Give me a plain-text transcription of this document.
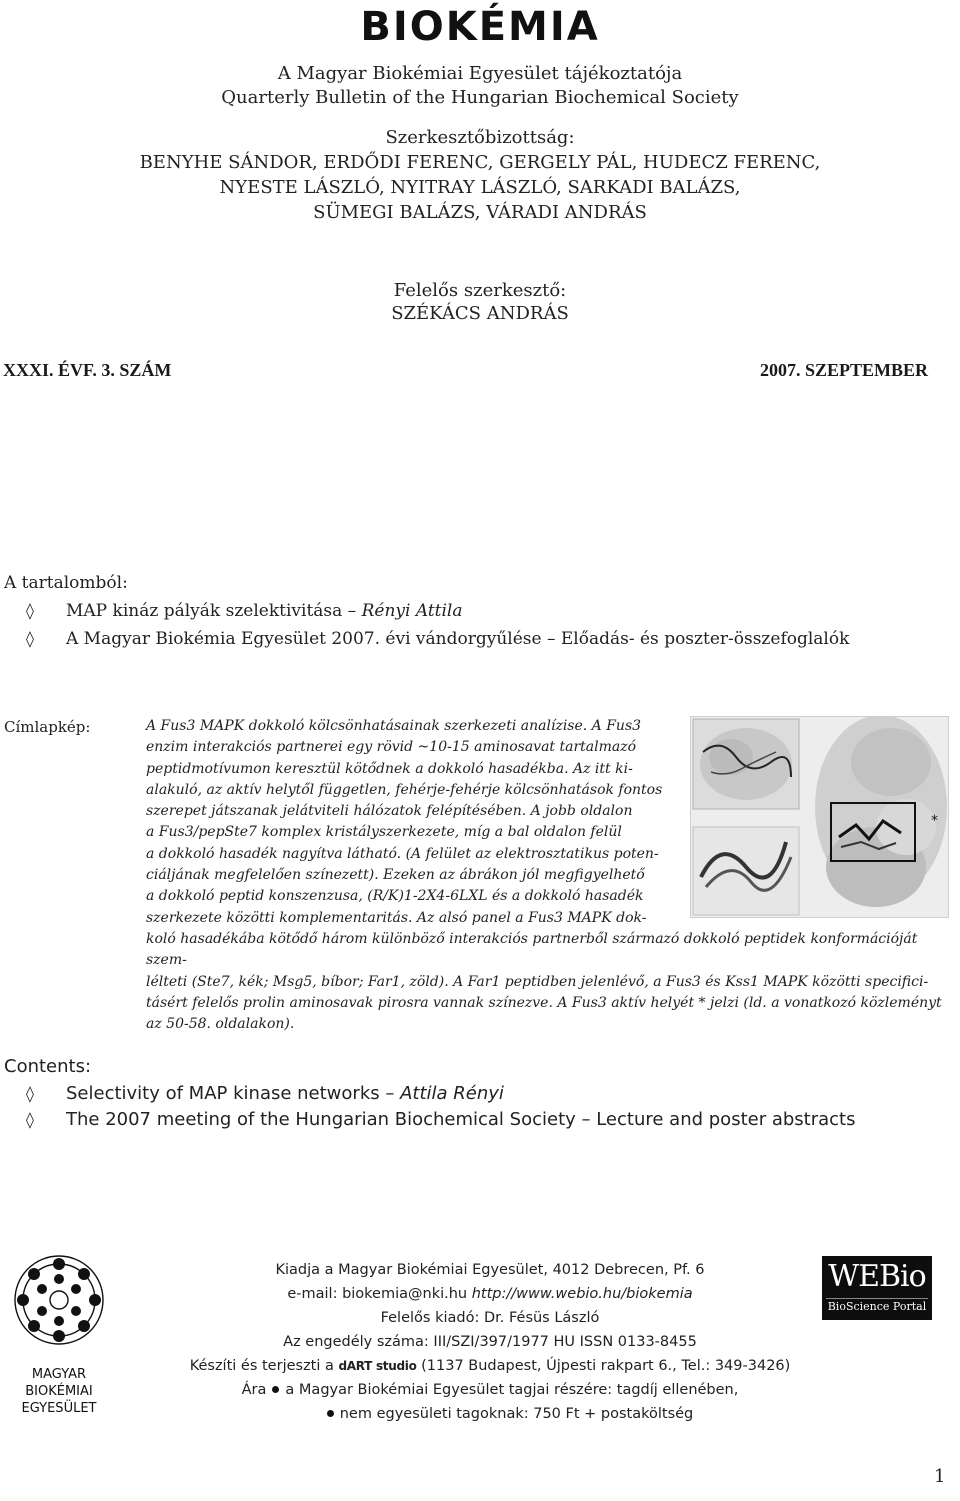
BIOKÉMIA
A Magyar Biokémiai Egyesület tájékoztatója
Quarterly Bulletin of the Hungarian Biochemical Society
Szerkesztőbizottság:
BENYHE SÁNDOR, ERDŐDI FERENC, GERGELY PÁL, HUDECZ FERENC,
NYESTE LÁSZLÓ, NYITRAY LÁSZLÓ, SARKADI BALÁZS,
SÜMEGI BALÁZS, VÁRADI ANDRÁS
Felelős szerkesztő:
SZÉKÁCS ANDRÁS
XXXI. ÉVF. 3. SZÁM	2007. SZEPTEMBER
A tartalomból:
◊ MAP kináz pályák szelektivitása – Rényi Attila
◊ A Magyar Biokémia Egyesület 2007. évi vándorgyűlése – Előadás- és poszter-összefoglalók
Címlapkép:	A Fus3 MAPK dokkoló kölcsönhatásainak szerkezeti analízise. A Fus3
enzim interakciós partnerei egy rövid ~10-15 aminosavat tartalmazó
peptidmotívumon keresztül kötődnek a dokkoló hasadékba. Az itt ki-
alakuló, az aktív helytől független, fehérje-fehérje kölcsönhatások fontos
szerepet játszanak jelátviteli hálózatok felépítésében. A jobb oldalon
a Fus3/pepSte7 komplex kristályszerkezete, míg a bal oldalon felül
a dokkoló hasadék nagyítva látható. (A felület az elektrosztatikus poten-
ciáljának megfelelően színezett). Ezeken az ábrákon jól megfigyelhető
a dokkoló peptid konszenzusa, (R/K)1-2X4-6LXL és a dokkoló hasadék
szerkezete közötti komplementaritás. Az alsó panel a Fus3 MAPK dok-
koló hasadékába kötődő három különböző interakciós partnerből származó dokkoló peptidek konformációját szem-
lélteti (Ste7, kék; Msg5, bíbor; Far1, zöld). A Far1 peptidben jelenlévő, a Fus3 és Kss1 MAPK közötti specifici-
tásért felelős prolin aminosavak pirosra vannak színezve. A Fus3 aktív helyét * jelzi (ld. a vonatkozó közleményt
az 50-58. oldalakon).
*
Contents:
◊ Selectivity of MAP kinase networks – Attila Rényi
◊ The 2007 meeting of the Hungarian Biochemical Society – Lecture and poster abstracts
MAGYAR
BIOKÉMIAI
EGYESÜLET
Kiadja a Magyar Biokémiai Egyesület, 4012 Debrecen, Pf. 6
e-mail: biokemia@nki.hu http://www.webio.hu/biokemia
Felelős kiadó: Dr. Fésüs László
Az engedély száma: III/SZI/397/1977 HU ISSN 0133-8455
Készíti és terjeszti a dART studio (1137 Budapest, Újpesti rakpart 6., Tel.: 349-3426)
Ára a Magyar Biokémiai Egyesület tagjai részére: tagdíj ellenében,
nem egyesületi tagoknak: 750 Ft + postaköltség
WEBio
BioScience Portal
1
